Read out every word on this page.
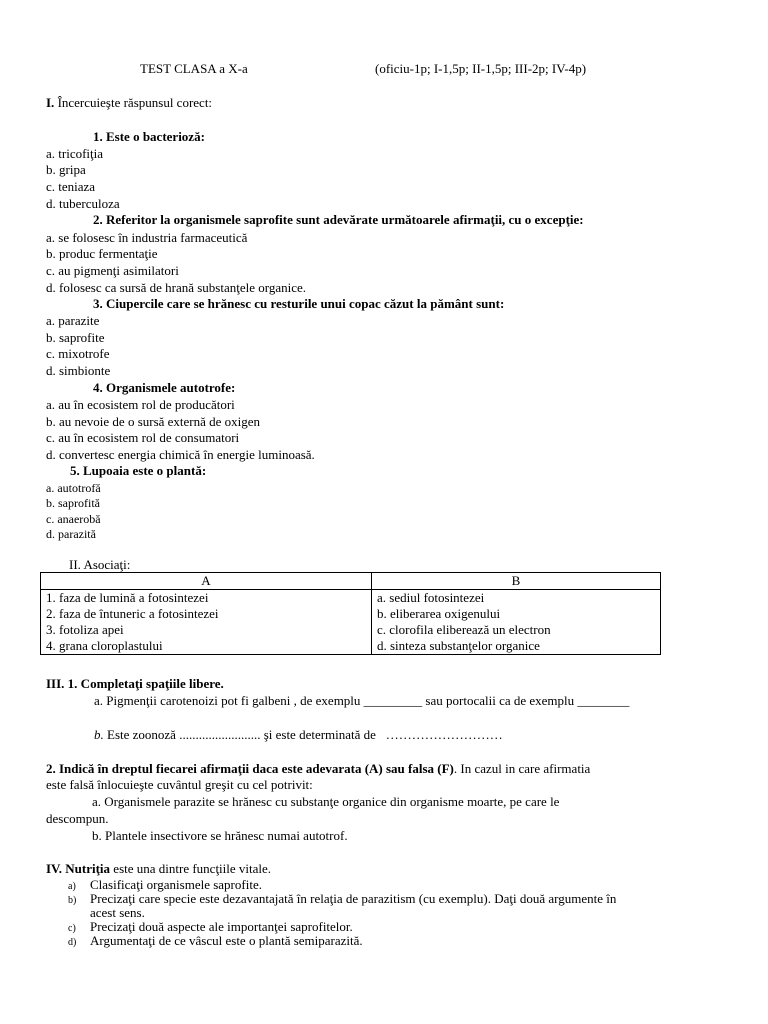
TEST CLASA a X-a	(oficiu-1p; I-1,5p; II-1,5p; III-2p; IV-4p)
I. Încercuieşte răspunsul corect:
1. Este o bacterioză:
a. tricofiţia
b. gripa
c. teniaza
d. tuberculoza
2. Referitor la organismele saprofite sunt adevărate următoarele afirmaţii, cu o excepţie:
a. se folosesc în industria farmaceutică
b. produc fermentaţie
c. au pigmenţi asimilatori
d. folosesc ca sursă de hrană substanţele organice.
3. Ciupercile care se hrănesc cu resturile unui copac căzut la pământ sunt:
a. parazite
b. saprofite
c. mixotrofe
d. simbionte
4. Organismele autotrofe:
a. au în ecosistem rol de producători
b. au nevoie de o sursă externă de oxigen
c. au în ecosistem rol de consumatori
d. convertesc energia chimică în energie luminoasă.
5. Lupoaia este o plantă:
a. autotrofă
b. saprofită
c. anaerobă
d. parazită
II. Asociaţi:
A	B
1. faza de lumină a fotosintezei	a. sediul fotosintezei
2. faza de întuneric a fotosintezei	b. eliberarea oxigenului
3. fotoliza apei	c. clorofila eliberează un electron
4. grana cloroplastului	d. sinteza substanţelor organice
III. 1. Completaţi spaţiile libere.
a. Pigmenţii carotenoizi pot fi galbeni , de exemplu _________ sau portocalii ca de exemplu ________
b. Este zoonoză ......................... şi este determinată de ………………………
2. Indică în dreptul fiecarei afirmaţii daca este adevarata (A) sau falsa (F). In cazul in care afirmatia
este falsă înlocuieşte cuvântul greşit cu cel potrivit:
a. Organismele parazite se hrănesc cu substanţe organice din organisme moarte, pe care le
descompun.
b. Plantele insectivore se hrănesc numai autotrof.
IV. Nutriţia este una dintre funcţiile vitale.
a) Clasificaţi organismele saprofite.
b) Precizaţi care specie este dezavantajată în relaţia de parazitism (cu exemplu). Daţi două argumente în
acest sens.
c) Precizaţi două aspecte ale importanţei saprofitelor.
d) Argumentaţi de ce vâscul este o plantă semiparazită.
